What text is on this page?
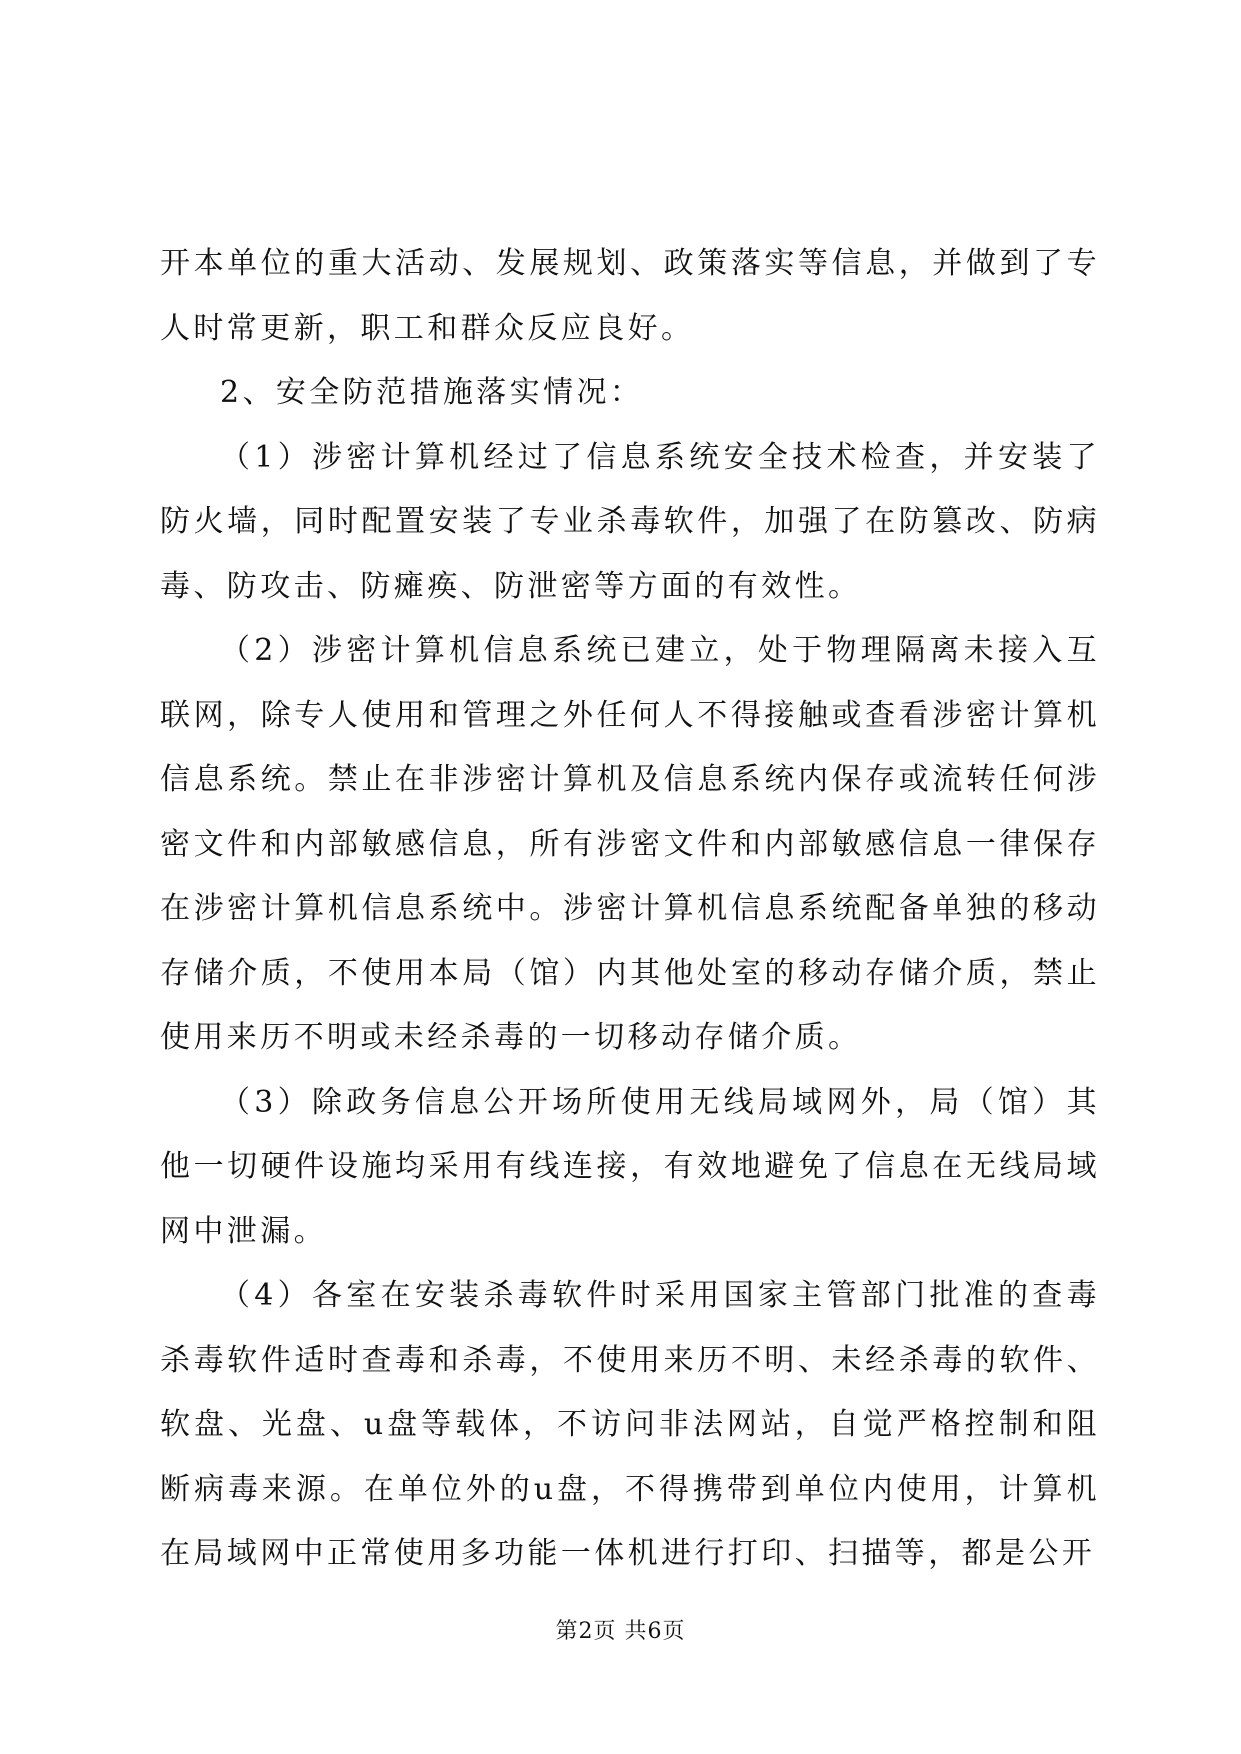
开本单位的重大活动、发展规划、政策落实等信息，并做到了专人时常更新，职工和群众反应良好。

2、安全防范措施落实情况：

（1）涉密计算机经过了信息系统安全技术检查，并安装了防火墙，同时配置安装了专业杀毒软件，加强了在防篡改、防病毒、防攻击、防瘫痪、防泄密等方面的有效性。

（2）涉密计算机信息系统已建立，处于物理隔离未接入互联网，除专人使用和管理之外任何人不得接触或查看涉密计算机信息系统。禁止在非涉密计算机及信息系统内保存或流转任何涉密文件和内部敏感信息，所有涉密文件和内部敏感信息一律保存在涉密计算机信息系统中。涉密计算机信息系统配备单独的移动存储介质，不使用本局（馆）内其他处室的移动存储介质，禁止使用来历不明或未经杀毒的一切移动存储介质。

（3）除政务信息公开场所使用无线局域网外，局（馆）其他一切硬件设施均采用有线连接，有效地避免了信息在无线局域网中泄漏。

（4）各室在安装杀毒软件时采用国家主管部门批准的查毒杀毒软件适时查毒和杀毒，不使用来历不明、未经杀毒的软件、软盘、光盘、u盘等载体，不访问非法网站，自觉严格控制和阻断病毒来源。在单位外的u盘，不得携带到单位内使用，计算机在局域网中正常使用多功能一体机进行打印、扫描等，都是公开

第2页 共6页
